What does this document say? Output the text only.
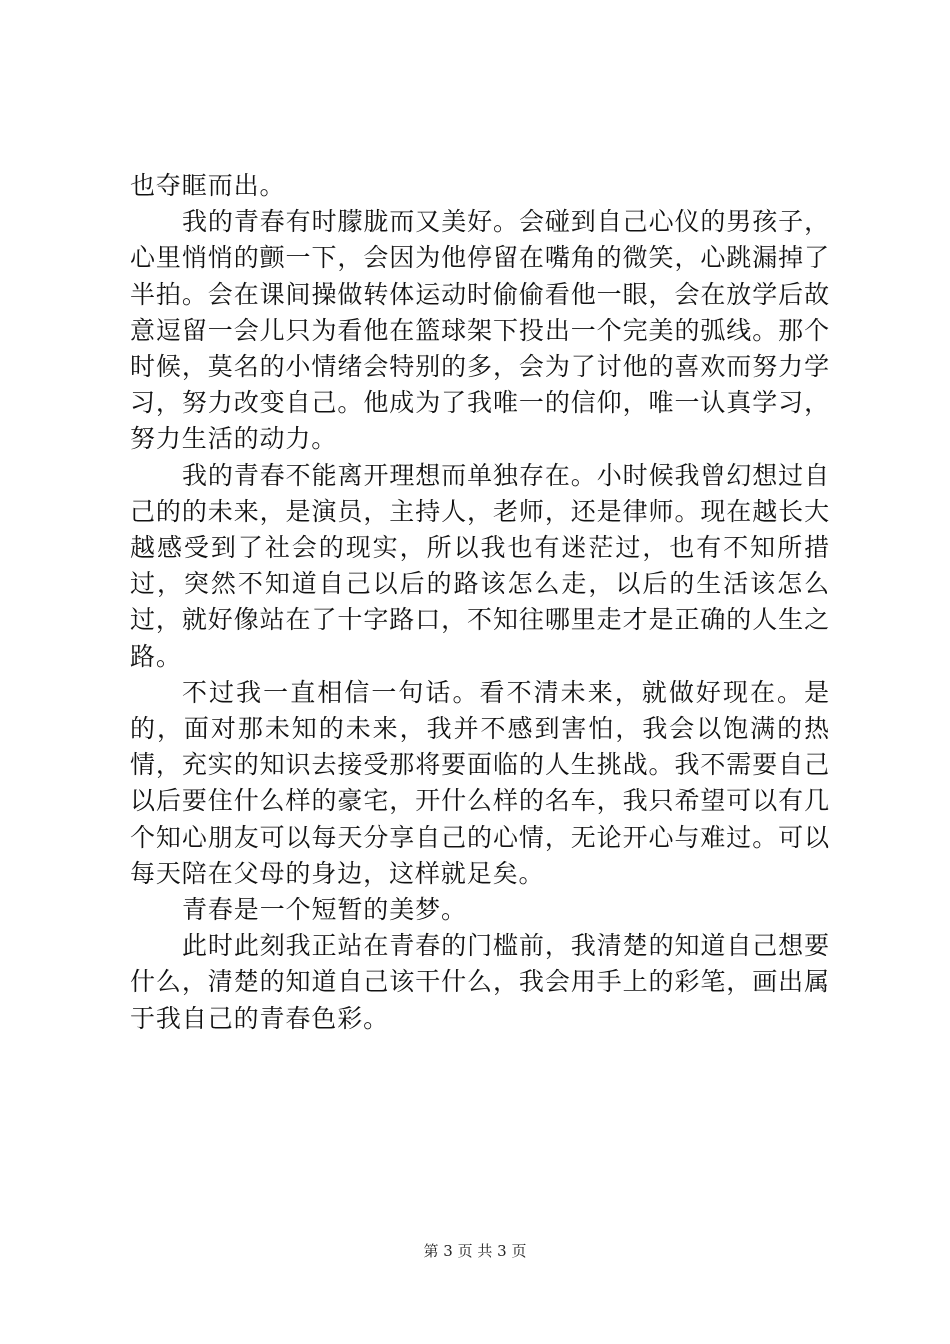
也夺眶而出。

我的青春有时朦胧而又美好。会碰到自己心仪的男孩子，心里悄悄的颤一下，会因为他停留在嘴角的微笑，心跳漏掉了半拍。会在课间操做转体运动时偷偷看他一眼，会在放学后故意逗留一会儿只为看他在篮球架下投出一个完美的弧线。那个时候，莫名的小情绪会特别的多，会为了讨他的喜欢而努力学习，努力改变自己。他成为了我唯一的信仰，唯一认真学习，努力生活的动力。

我的青春不能离开理想而单独存在。小时候我曾幻想过自己的的未来，是演员，主持人，老师，还是律师。现在越长大越感受到了社会的现实，所以我也有迷茫过，也有不知所措过，突然不知道自己以后的路该怎么走，以后的生活该怎么过，就好像站在了十字路口，不知往哪里走才是正确的人生之路。

不过我一直相信一句话。看不清未来，就做好现在。是的，面对那未知的未来，我并不感到害怕，我会以饱满的热情，充实的知识去接受那将要面临的人生挑战。我不需要自己以后要住什么样的豪宅，开什么样的名车，我只希望可以有几个知心朋友可以每天分享自己的心情，无论开心与难过。可以每天陪在父母的身边，这样就足矣。

青春是一个短暂的美梦。

此时此刻我正站在青春的门槛前，我清楚的知道自己想要什么，清楚的知道自己该干什么，我会用手上的彩笔，画出属于我自己的青春色彩。

第 3 页 共 3 页
